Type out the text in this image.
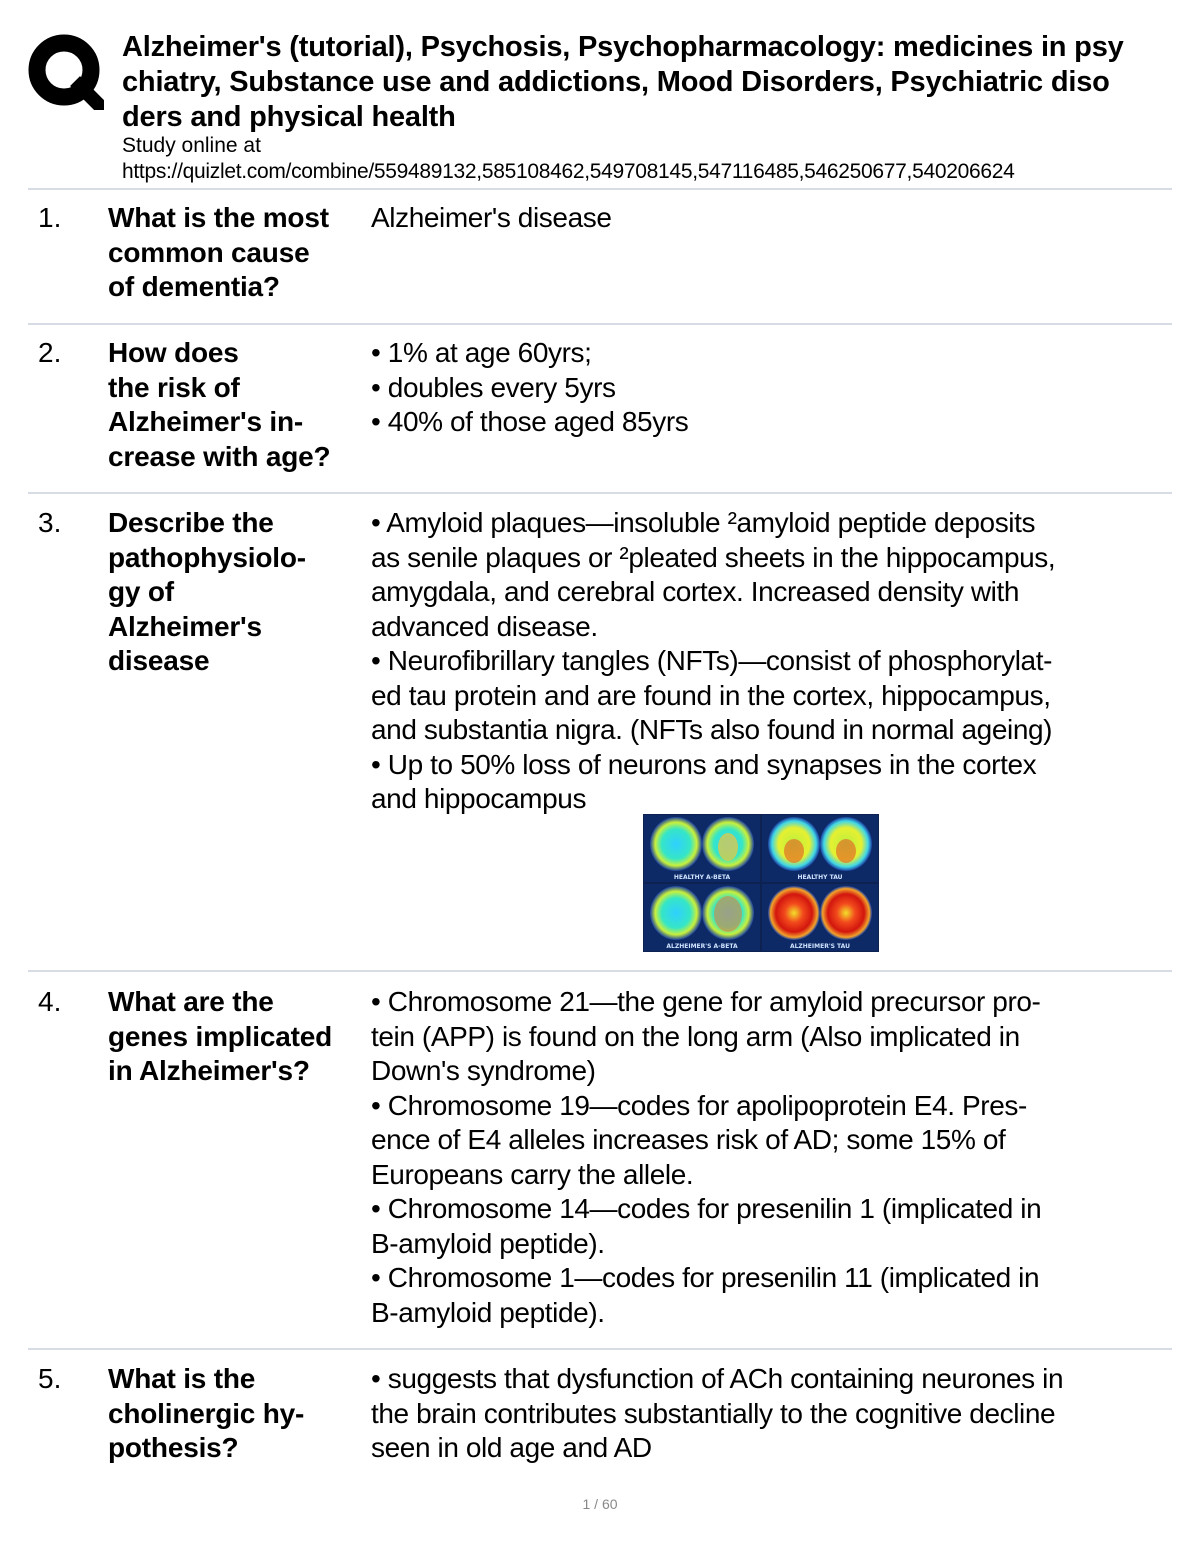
Alzheimer's (tutorial), Psychosis, Psychopharmacology: medicines in psy
chiatry, Substance use and addictions, Mood Disorders, Psychiatric diso
ders and physical health
Study online at
https://quizlet.com/combine/559489132,585108462,549708145,547116485,546250677,540206624
1. What is the most
common cause
of dementia?
Alzheimer's disease
2. How does
the risk of
Alzheimer's in-
crease with age?
• 1% at age 60yrs;
• doubles every 5yrs
• 40% of those aged 85yrs
3. Describe the
pathophysiolo-
gy of
Alzheimer's
disease
• Amyloid plaques—insoluble ²amyloid peptide deposits
as senile plaques or ²pleated sheets in the hippocampus,
amygdala, and cerebral cortex. Increased density with
advanced disease.
• Neurofibrillary tangles (NFTs)—consist of phosphorylat-
ed tau protein and are found in the cortex, hippocampus,
and substantia nigra. (NFTs also found in normal ageing)
• Up to 50% loss of neurons and synapses in the cortex
and hippocampus
HEALTHY A-BETA	HEALTHY TAU
ALZHEIMER'S A-BETA	ALZHEIMER'S TAU
4. What are the
genes implicated
in Alzheimer's?
• Chromosome 21—the gene for amyloid precursor pro-
tein (APP) is found on the long arm (Also implicated in
Down's syndrome)
• Chromosome 19—codes for apolipoprotein E4. Pres-
ence of E4 alleles increases risk of AD; some 15% of
Europeans carry the allele.
• Chromosome 14—codes for presenilin 1 (implicated in
B-amyloid peptide).
• Chromosome 1—codes for presenilin 11 (implicated in
B-amyloid peptide).
5. What is the
cholinergic hy-
pothesis?
• suggests that dysfunction of ACh containing neurones in
the brain contributes substantially to the cognitive decline
seen in old age and AD
1 / 60
